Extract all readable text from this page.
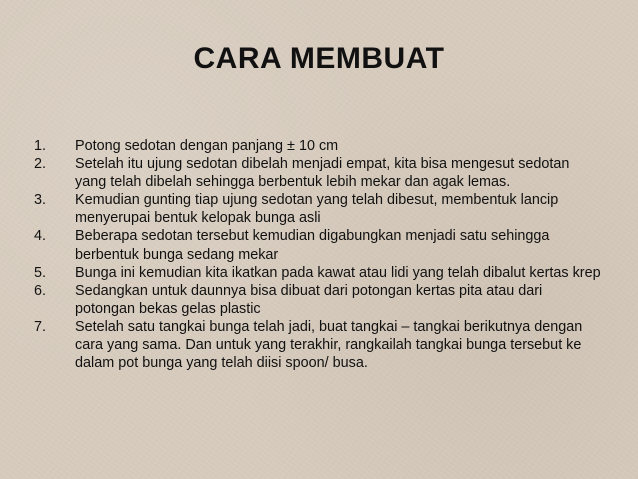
CARA MEMBUAT
1.	Potong sedotan dengan panjang ± 10 cm
2.	Setelah itu ujung sedotan dibelah menjadi empat, kita bisa mengesut sedotan yang telah dibelah sehingga berbentuk lebih mekar dan agak lemas.
3.	Kemudian gunting tiap ujung sedotan yang telah dibesut, membentuk lancip menyerupai bentuk kelopak bunga asli
4.	Beberapa sedotan tersebut kemudian digabungkan menjadi satu sehingga berbentuk bunga sedang mekar
5.	Bunga ini kemudian kita ikatkan pada kawat atau lidi yang telah dibalut kertas krep
6.	Sedangkan untuk daunnya bisa dibuat dari potongan kertas pita atau dari potongan bekas gelas plastic
7.	Setelah satu tangkai bunga telah jadi, buat tangkai – tangkai berikutnya dengan cara yang sama. Dan untuk yang terakhir, rangkailah tangkai bunga tersebut ke dalam pot bunga yang telah diisi spoon/ busa.
